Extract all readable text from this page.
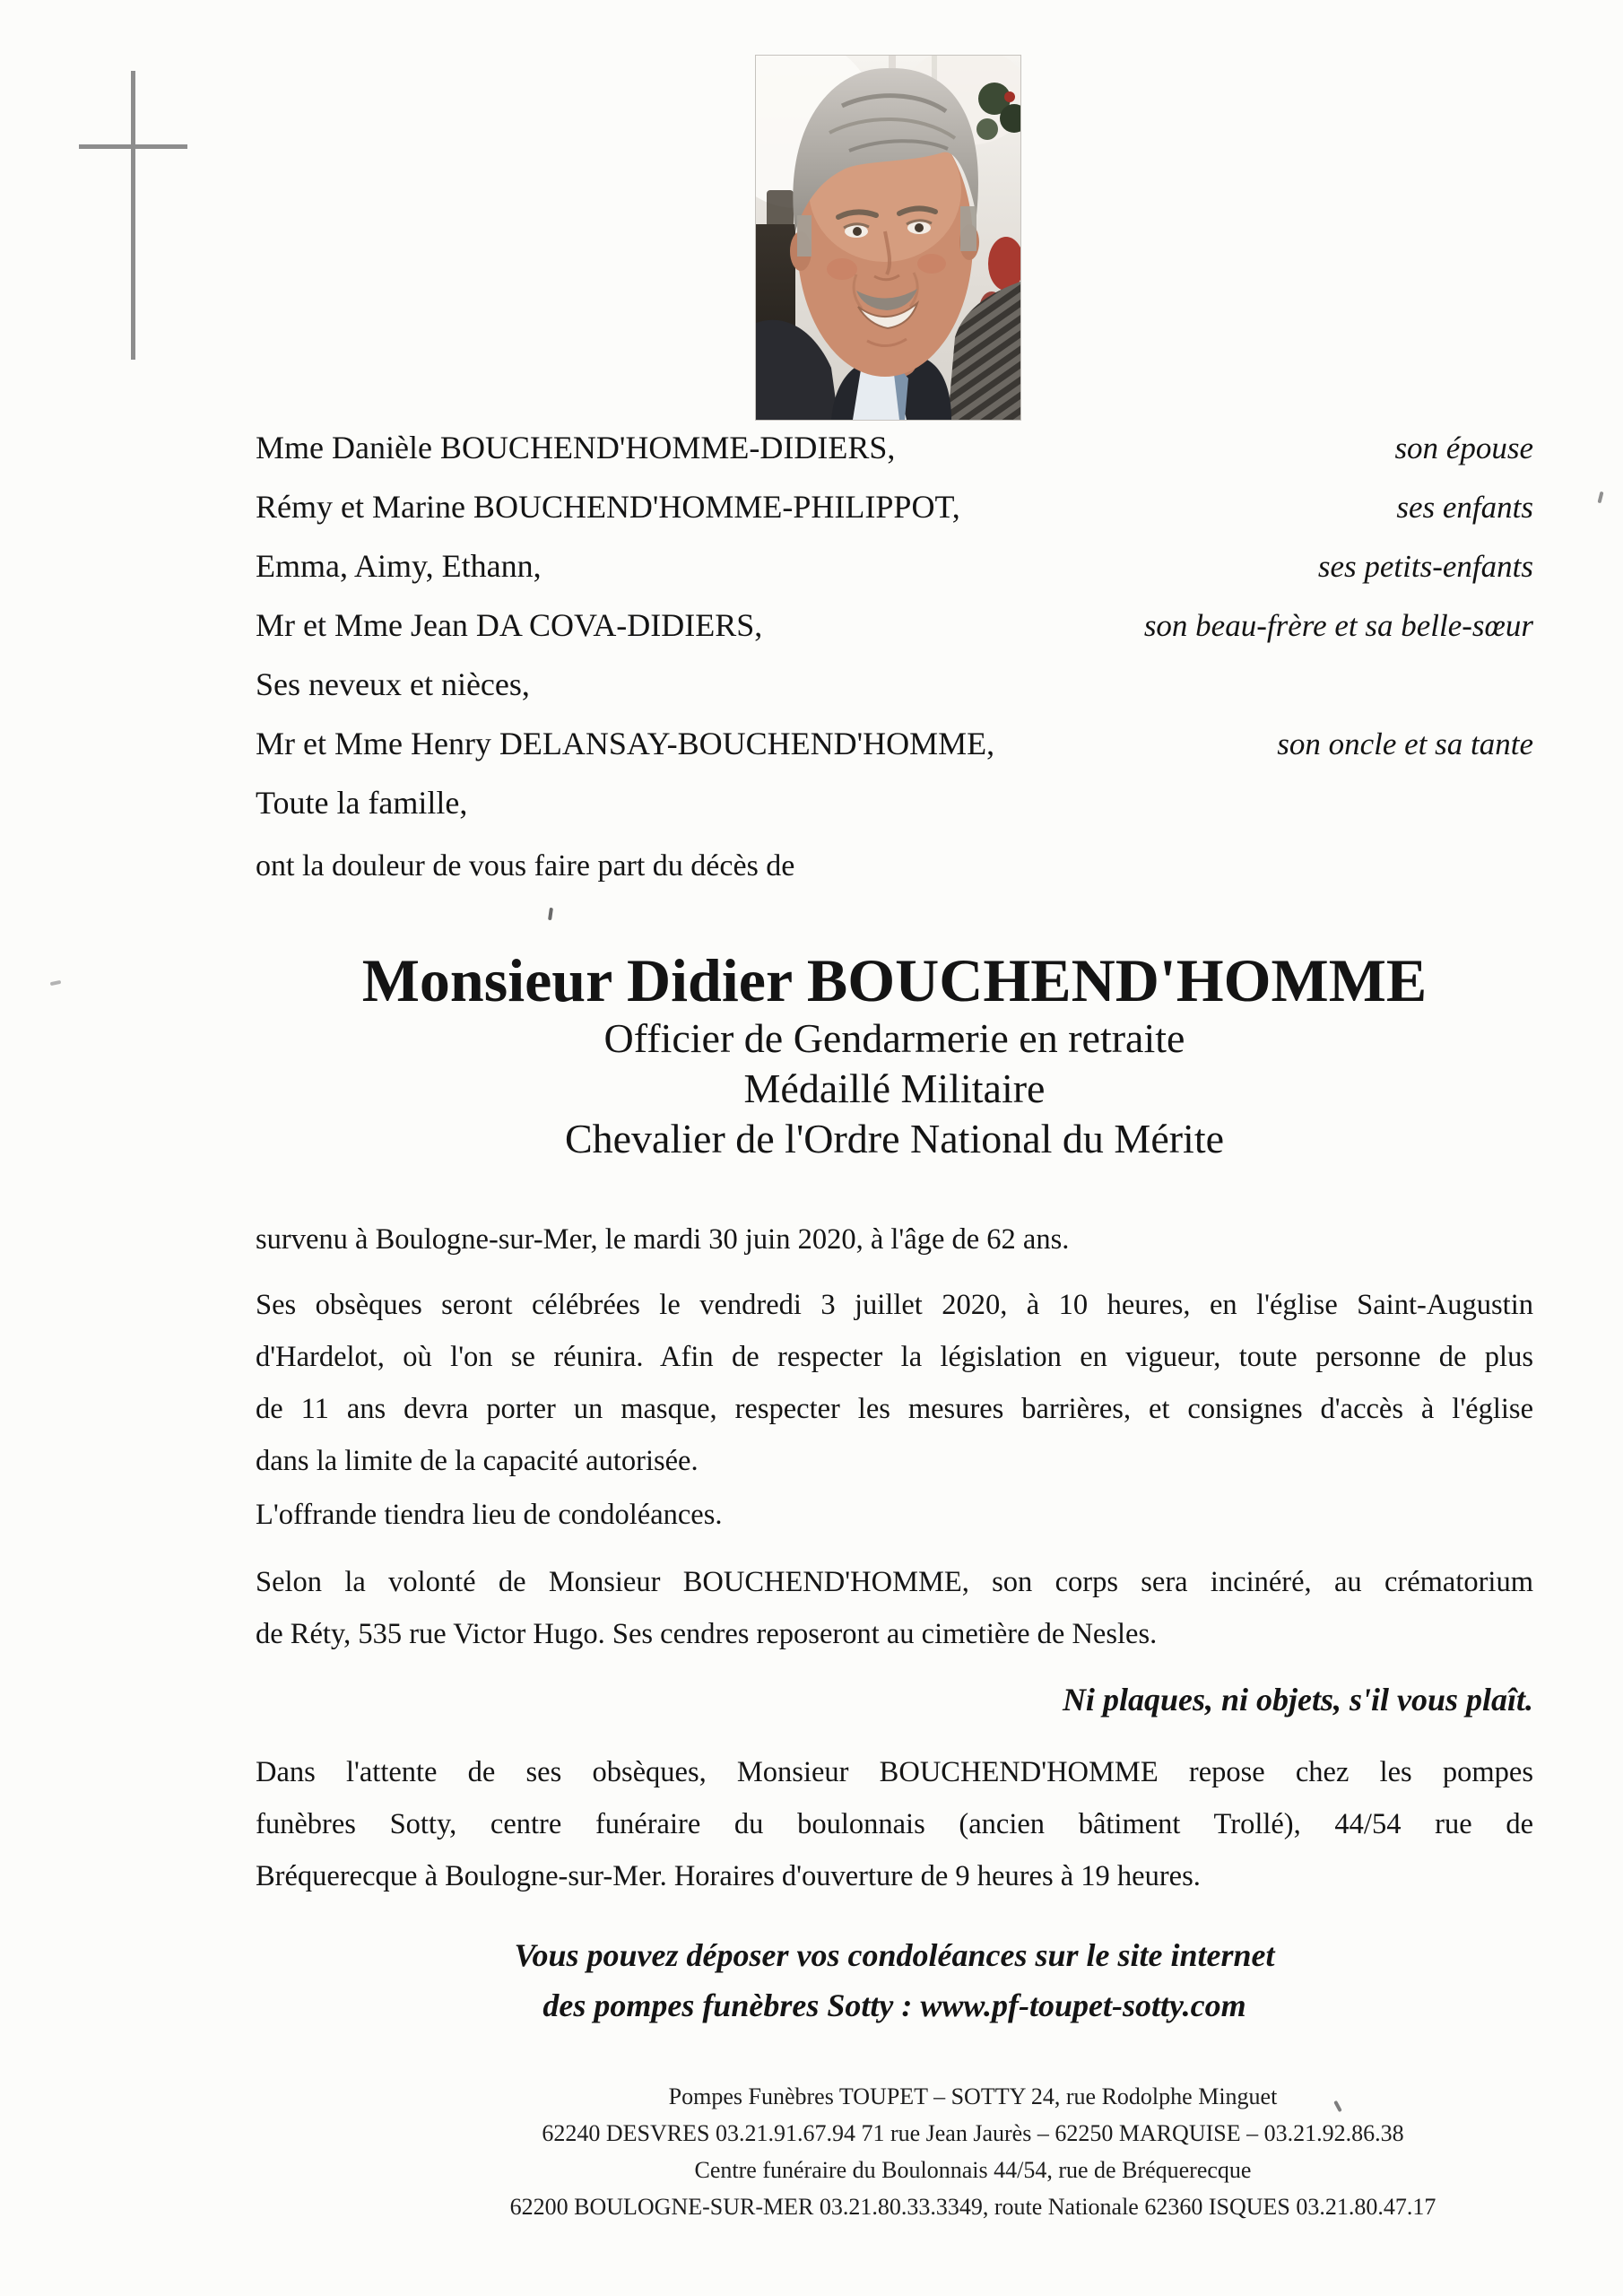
Mme Danièle BOUCHEND'HOMME-DIDIERS,	son épouse
Rémy et Marine BOUCHEND'HOMME-PHILIPPOT,	ses enfants
Emma, Aimy, Ethann,	ses petits-enfants
Mr et Mme Jean DA COVA-DIDIERS,	son beau-frère et sa belle-sœur
Ses neveux et nièces,
Mr et Mme Henry DELANSAY-BOUCHEND'HOMME,	son oncle et sa tante
Toute la famille,
ont la douleur de vous faire part du décès de
Monsieur Didier BOUCHEND'HOMME
Officier de Gendarmerie en retraite
Médaillé Militaire
Chevalier de l'Ordre National du Mérite
survenu à Boulogne-sur-Mer, le mardi 30 juin 2020, à l'âge de 62 ans.
Ses obsèques seront célébrées le vendredi 3 juillet 2020, à 10 heures, en l'église Saint-Augustin
d'Hardelot, où l'on se réunira. Afin de respecter la législation en vigueur, toute personne de plus
de 11 ans devra porter un masque, respecter les mesures barrières, et consignes d'accès à l'église
dans la limite de la capacité autorisée.
L'offrande tiendra lieu de condoléances.
Selon la volonté de Monsieur BOUCHEND'HOMME, son corps sera incinéré, au crématorium
de Réty, 535 rue Victor Hugo. Ses cendres reposeront au cimetière de Nesles.
Ni plaques, ni objets, s'il vous plaît.
Dans l'attente de ses obsèques, Monsieur BOUCHEND'HOMME repose chez les pompes
funèbres Sotty, centre funéraire du boulonnais (ancien bâtiment Trollé), 44/54 rue de
Bréquerecque à Boulogne-sur-Mer. Horaires d'ouverture de 9 heures à 19 heures.
Vous pouvez déposer vos condoléances sur le site internet
des pompes funèbres Sotty : www.pf-toupet-sotty.com
Pompes Funèbres TOUPET – SOTTY 24, rue Rodolphe Minguet
62240 DESVRES 03.21.91.67.94 71 rue Jean Jaurès – 62250 MARQUISE – 03.21.92.86.38
Centre funéraire du Boulonnais 44/54, rue de Bréquerecque
62200 BOULOGNE-SUR-MER 03.21.80.33.3349, route Nationale 62360 ISQUES 03.21.80.47.17
